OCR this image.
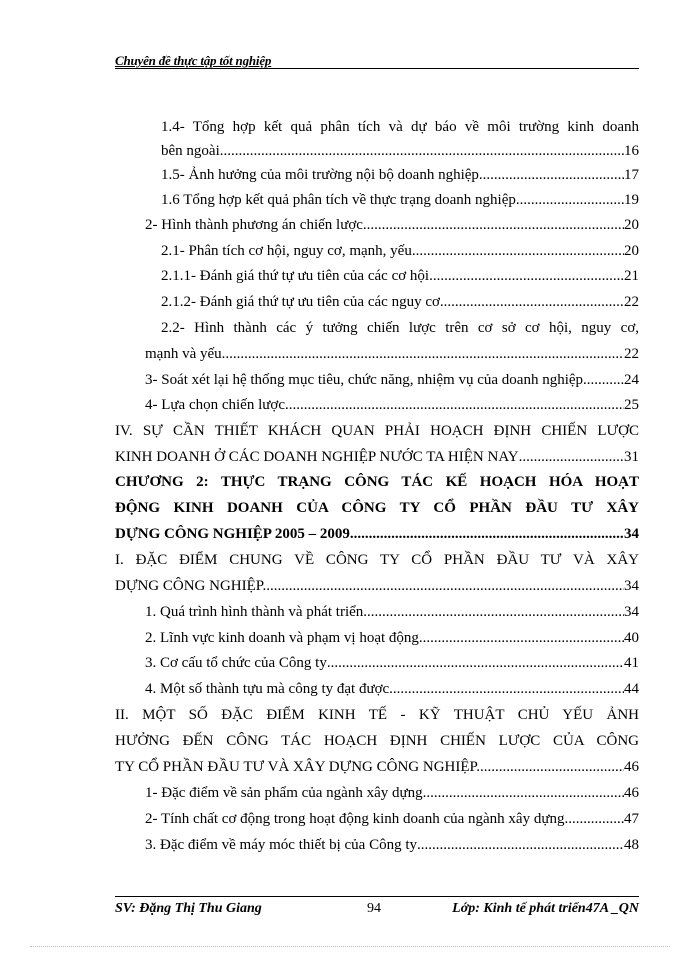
Chuyên đề thực tập tốt nghiệp
1.4- Tổng hợp kết quả phân tích và dự báo về môi trường kinh doanh
bên ngoài .....	16
1.5- Ảnh hưởng của môi trường nội bộ doanh nghiệp .....	17
1.6 Tổng hợp kết quả phân tích về thực trạng doanh nghiệp .....	19
2- Hình thành phương án chiến lược .....	20
2.1- Phân tích cơ hội, nguy cơ, mạnh, yếu .....	20
2.1.1- Đánh giá thứ tự ưu tiên của các cơ hội .....	21
2.1.2- Đánh giá thứ tự ưu tiên của các nguy cơ .....	22
2.2- Hình thành các ý tưởng chiến lược trên cơ sở cơ hội, nguy cơ,
mạnh và yếu .....	22
3- Soát xét lại hệ thống mục tiêu, chức năng, nhiệm vụ của doanh nghiệp .....	24
4- Lựa chọn chiến lược .....	25
IV. SỰ CẦN THIẾT KHÁCH QUAN PHẢI HOẠCH ĐỊNH CHIẾN LƯỢC
KINH DOANH Ở CÁC DOANH NGHIỆP NƯỚC TA HIỆN NAY .....	31
CHƯƠNG 2: THỰC TRẠNG CÔNG TÁC KẾ HOẠCH HÓA HOẠT
ĐỘNG KINH DOANH CỦA CÔNG TY CỔ PHẦN ĐẦU TƯ XÂY
DỰNG CÔNG NGHIỆP 2005 – 2009. .....	34
I. ĐẶC ĐIỂM CHUNG VỀ CÔNG TY CỔ PHẦN ĐẦU TƯ VÀ XÂY
DỰNG CÔNG NGHIỆP. .....	34
1. Quá trình hình thành và phát triển .....	34
2. Lĩnh vực kinh doanh và phạm vị hoạt động .....	40
3. Cơ cấu tổ chức của Công ty .....	41
4. Một số thành tựu mà công ty đạt được .....	44
II. MỘT SỐ ĐẶC ĐIỂM KINH TẾ - KỸ THUẬT CHỦ YẾU ẢNH
HƯỞNG ĐẾN CÔNG TÁC HOẠCH ĐỊNH CHIẾN LƯỢC CỦA CÔNG
TY CỔ PHẦN ĐẦU TƯ VÀ XÂY DỰNG CÔNG NGHIỆP. .....	46
1- Đặc điểm về sản phẩm của ngành xây dựng .....	46
2- Tính chất cơ động trong hoạt động kinh doanh của ngành xây dựng .....	47
3. Đặc điểm về máy móc thiết bị của Công ty .....	48
SV: Đặng Thị Thu Giang	94	Lớp: Kinh tế phát triển47A _QN
